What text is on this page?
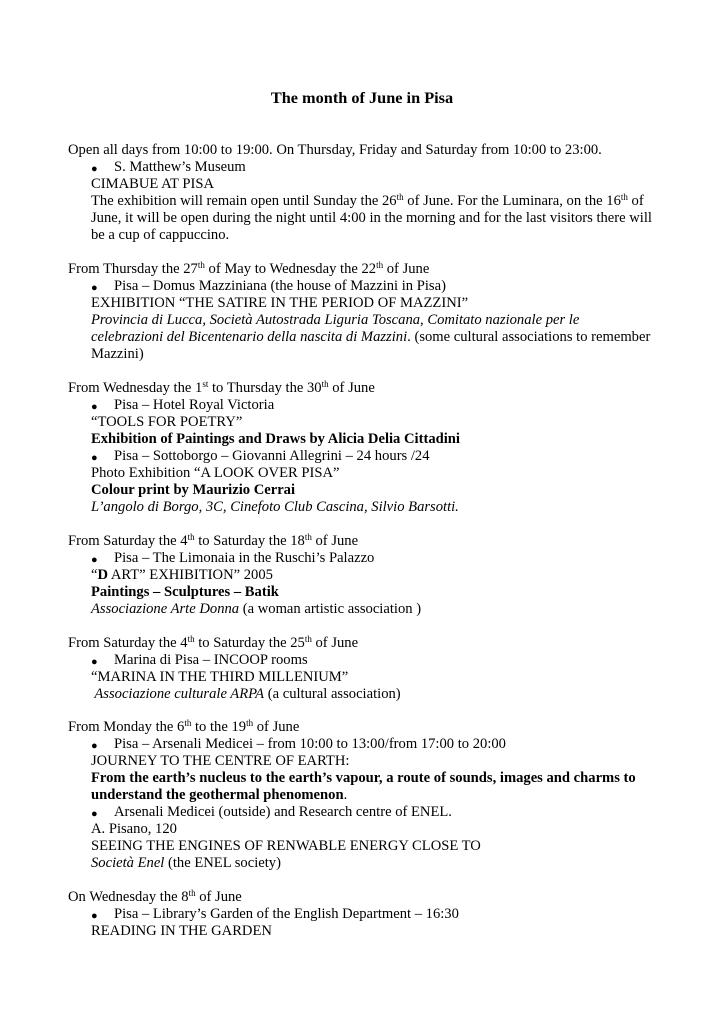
The month of June in Pisa
Open all days from 10:00 to 19:00. On Thursday, Friday and Saturday from 10:00 to 23:00.
● S. Matthew’s Museum
CIMABUE AT PISA
The exhibition will remain open until Sunday the 26th of June. For the Luminara, on the 16th of
June, it will be open during the night until 4:00 in the morning and for the last visitors there will
be a cup of cappuccino.
From Thursday the 27th of May to Wednesday the 22th of June
● Pisa – Domus Mazziniana (the house of Mazzini in Pisa)
EXHIBITION “THE SATIRE IN THE PERIOD OF MAZZINI”
Provincia di Lucca, Società Autostrada Liguria Toscana, Comitato nazionale per le
celebrazioni del Bicentenario della nascita di Mazzini. (some cultural associations to remember
Mazzini)
From Wednesday the 1st to Thursday the 30th of June
● Pisa – Hotel Royal Victoria
“TOOLS FOR POETRY”
Exhibition of Paintings and Draws by Alicia Delia Cittadini
● Pisa – Sottoborgo – Giovanni Allegrini – 24 hours /24
Photo Exhibition “A LOOK OVER PISA”
Colour print by Maurizio Cerrai
L’angolo di Borgo, 3C, Cinefoto Club Cascina, Silvio Barsotti.
From Saturday the 4th to Saturday the 18th of June
● Pisa – The Limonaia in the Ruschi’s Palazzo
“D ART” EXHIBITION” 2005
Paintings – Sculptures – Batik
Associazione Arte Donna (a woman artistic association )
From Saturday the 4th to Saturday the 25th of June
● Marina di Pisa – INCOOP rooms
“MARINA IN THE THIRD MILLENIUM”
Associazione culturale ARPA (a cultural association)
From Monday the 6th to the 19th of June
● Pisa – Arsenali Medicei – from 10:00 to 13:00/from 17:00 to 20:00
JOURNEY TO THE CENTRE OF EARTH:
From the earth’s nucleus to the earth’s vapour, a route of sounds, images and charms to
understand the geothermal phenomenon.
● Arsenali Medicei (outside) and Research centre of ENEL.
A. Pisano, 120
SEEING THE ENGINES OF RENWABLE ENERGY CLOSE TO
Società Enel (the ENEL society)
On Wednesday the 8th of June
● Pisa – Library’s Garden of the English Department – 16:30
READING IN THE GARDEN
